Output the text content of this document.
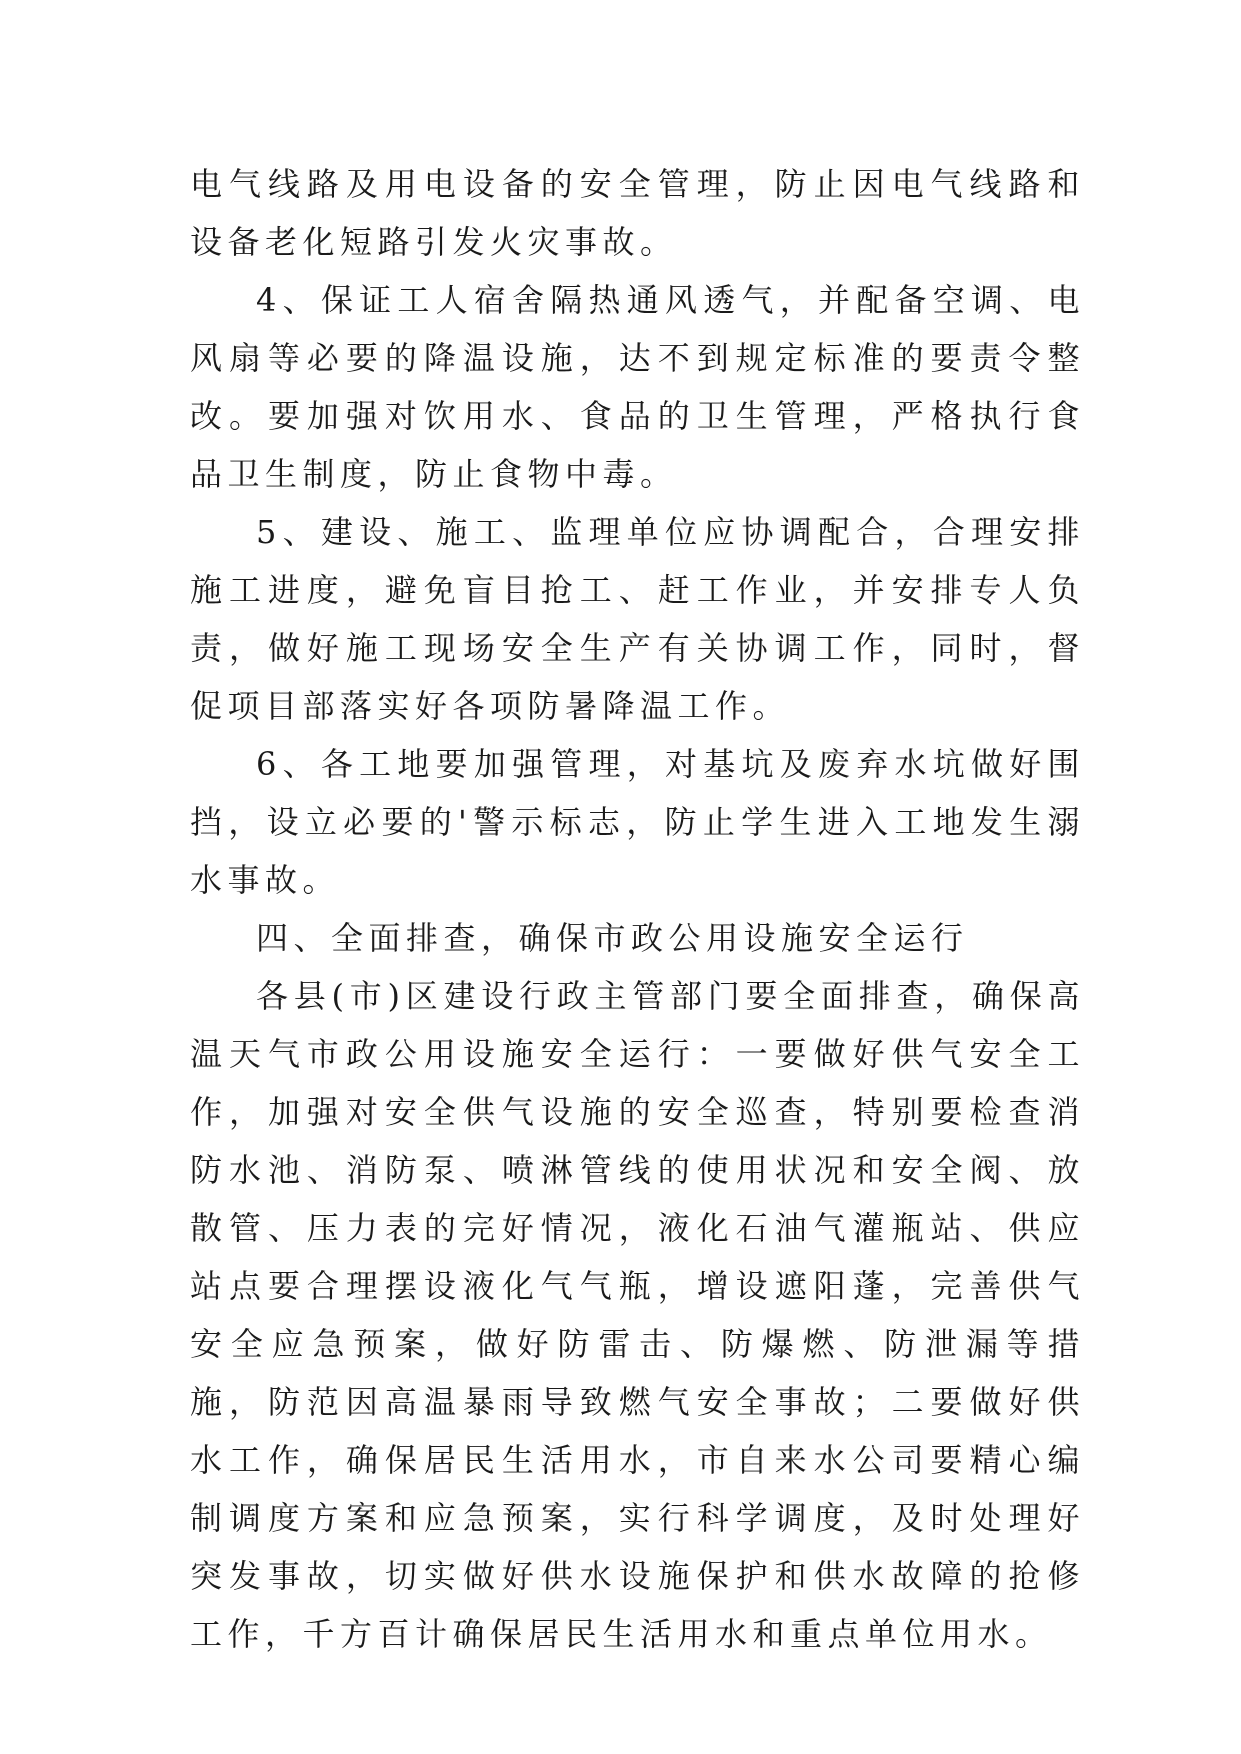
电气线路及用电设备的安全管理，防止因电气线路和设备老化短路引发火灾事故。

4、保证工人宿舍隔热通风透气，并配备空调、电风扇等必要的降温设施，达不到规定标准的要责令整改。要加强对饮用水、食品的卫生管理，严格执行食品卫生制度，防止食物中毒。

5、建设、施工、监理单位应协调配合，合理安排施工进度，避免盲目抢工、赶工作业，并安排专人负责，做好施工现场安全生产有关协调工作，同时，督促项目部落实好各项防暑降温工作。

6、各工地要加强管理，对基坑及废弃水坑做好围挡，设立必要的'警示标志，防止学生进入工地发生溺水事故。

四、全面排查，确保市政公用设施安全运行

各县(市)区建设行政主管部门要全面排查，确保高温天气市政公用设施安全运行：一要做好供气安全工作，加强对安全供气设施的安全巡查，特别要检查消防水池、消防泵、喷淋管线的使用状况和安全阀、放散管、压力表的完好情况，液化石油气灌瓶站、供应站点要合理摆设液化气气瓶，增设遮阳蓬，完善供气安全应急预案，做好防雷击、防爆燃、防泄漏等措施，防范因高温暴雨导致燃气安全事故；二要做好供水工作，确保居民生活用水，市自来水公司要精心编制调度方案和应急预案，实行科学调度，及时处理好突发事故，切实做好供水设施保护和供水故障的抢修工作，千方百计确保居民生活用水和重点单位用水。
